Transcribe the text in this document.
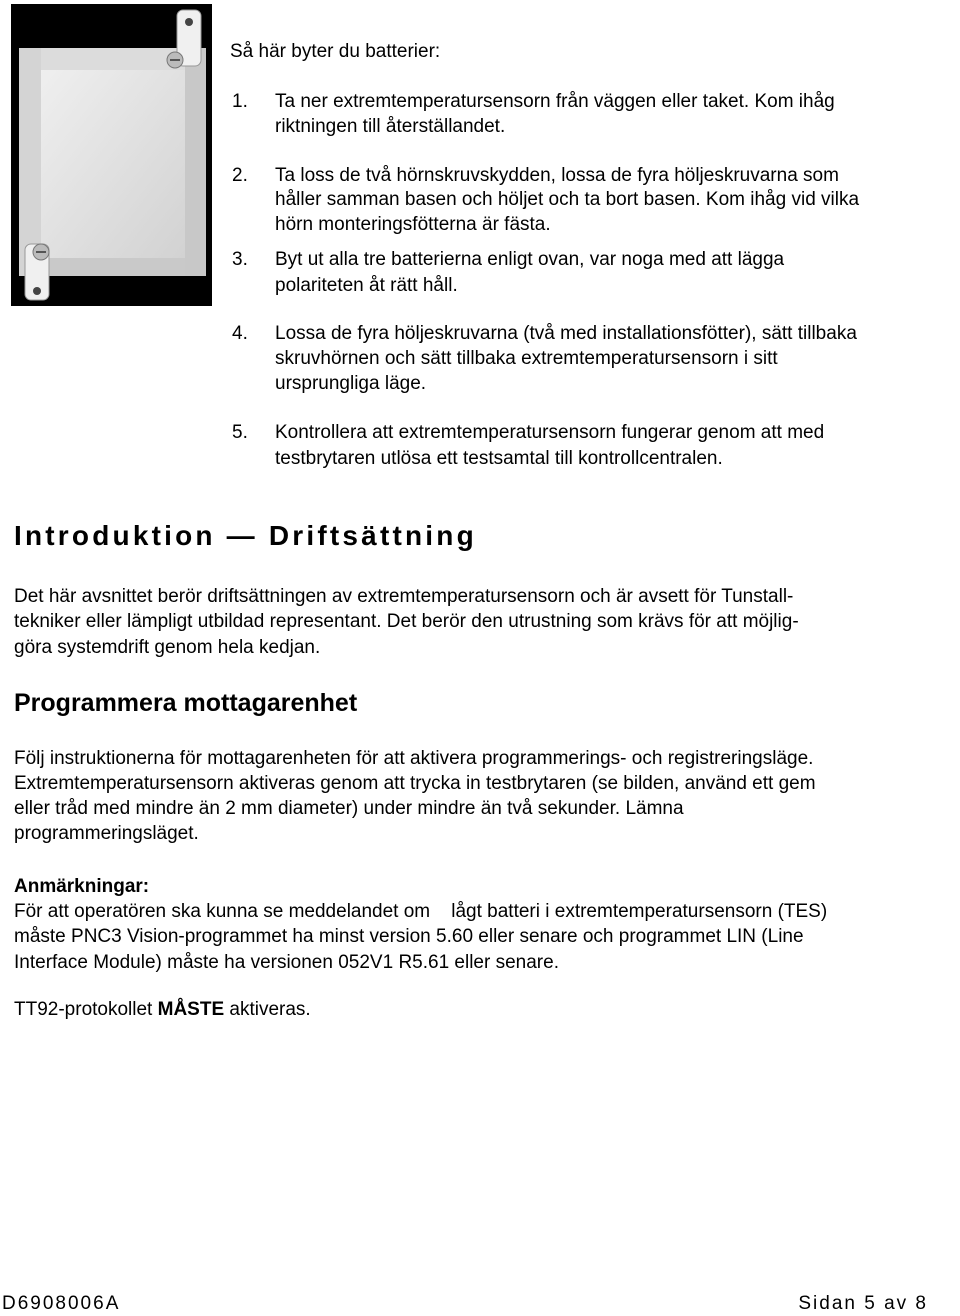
Så här byter du batterier:
1. Ta ner extremtemperatursensorn från väggen eller taket. Kom ihåg
riktningen till återställandet.
2. Ta loss de två hörnskruvskydden, lossa de fyra höljeskruvarna som
håller samman basen och höljet och ta bort basen. Kom ihåg vid vilka
hörn monteringsfötterna är fästa.
3. Byt ut alla tre batterierna enligt ovan, var noga med att lägga
polariteten åt rätt håll.
4. Lossa de fyra höljeskruvarna (två med installationsfötter), sätt tillbaka
skruvhörnen och sätt tillbaka extremtemperatursensorn i sitt
ursprungliga läge.
5. Kontrollera att extremtemperatursensorn fungerar genom att med
testbrytaren utlösa ett testsamtal till kontrollcentralen.
Introduktion — Driftsättning
Det här avsnittet berör driftsättningen av extremtemperatursensorn och är avsett för Tunstall-
tekniker eller lämpligt utbildad representant. Det berör den utrustning som krävs för att möjlig-
göra systemdrift genom hela kedjan.
Programmera mottagarenhet
Följ instruktionerna för mottagarenheten för att aktivera programmerings- och registreringsläge.
Extremtemperatursensorn aktiveras genom att trycka in testbrytaren (se bilden, använd ett gem
eller tråd med mindre än 2 mm diameter) under mindre än två sekunder. Lämna
programmeringsläget.
Anmärkningar:
För att operatören ska kunna se meddelandet om    lågt batteri i extremtemperatursensorn (TES)
måste PNC3 Vision-programmet ha minst version 5.60 eller senare och programmet LIN (Line
Interface Module) måste ha versionen 052V1 R5.61 eller senare.
TT92-protokollet MÅSTE aktiveras.
D6908006A	Sidan 5 av 8
